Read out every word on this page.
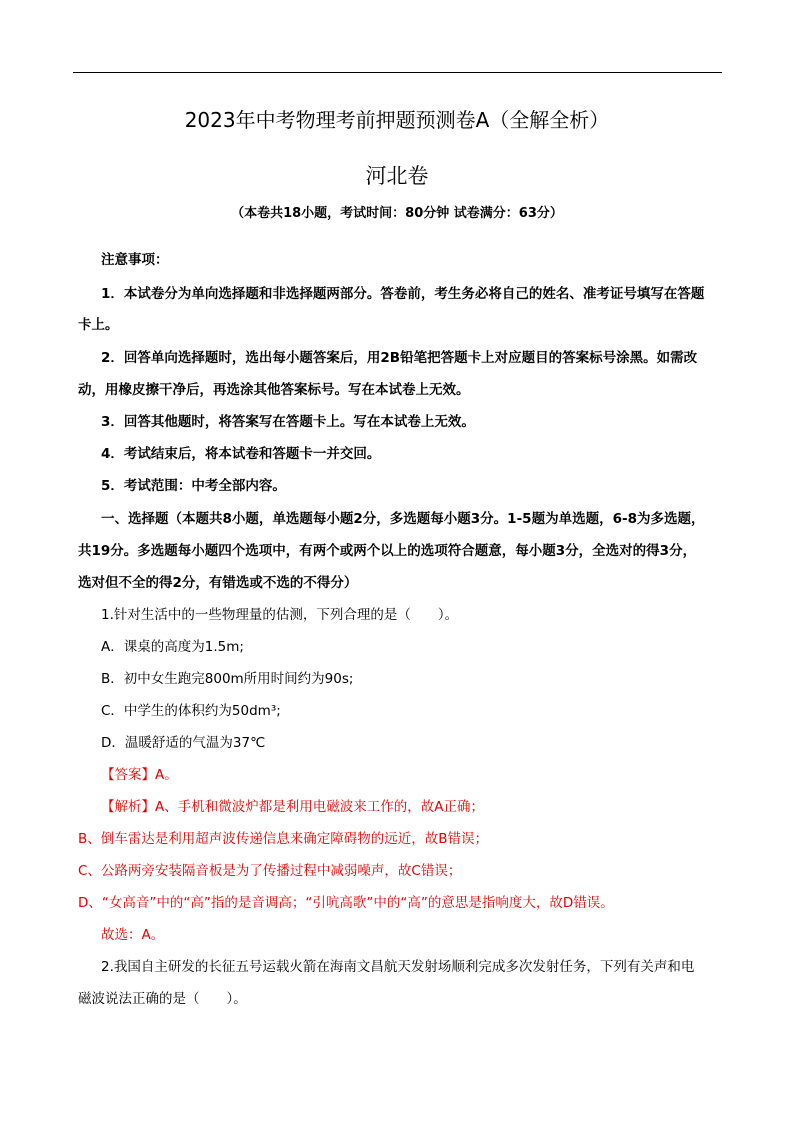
2023年中考物理考前押题预测卷A（全解全析）
河北卷
（本卷共18小题，考试时间：80分钟 试卷满分：63分）
注意事项：
1．本试卷分为单向选择题和非选择题两部分。答卷前，考生务必将自己的姓名、准考证号填写在答题
卡上。
2．回答单向选择题时，选出每小题答案后，用2B铅笔把答题卡上对应题目的答案标号涂黑。如需改
动，用橡皮擦干净后，再选涂其他答案标号。写在本试卷上无效。
3．回答其他题时，将答案写在答题卡上。写在本试卷上无效。
4．考试结束后，将本试卷和答题卡一并交回。
5．考试范围：中考全部内容。
一、选择题（本题共8小题，单选题每小题2分，多选题每小题3分。1-5题为单选题，6-8为多选题，
共19分。多选题每小题四个选项中，有两个或两个以上的选项符合题意，每小题3分，全选对的得3分，
选对但不全的得2分，有错选或不选的不得分）
1.针对生活中的一些物理量的估测，下列合理的是（　　）。
A．课桌的高度为1.5m;
B．初中女生跑完800m所用时间约为90s;
C．中学生的体积约为50dm³;
D．温暖舒适的气温为37℃
【答案】A。
【解析】A、手机和微波炉都是利用电磁波来工作的，故A正确；
B、倒车雷达是利用超声波传递信息来确定障碍物的远近，故B错误；
C、公路两旁安装隔音板是为了传播过程中减弱噪声，故C错误；
D、“女高音”中的“高”指的是音调高；“引吭高歌”中的“高”的意思是指响度大，故D错误。
故选：A。
2.我国自主研发的长征五号运载火箭在海南文昌航天发射场顺利完成多次发射任务，下列有关声和电
磁波说法正确的是（　　）。
